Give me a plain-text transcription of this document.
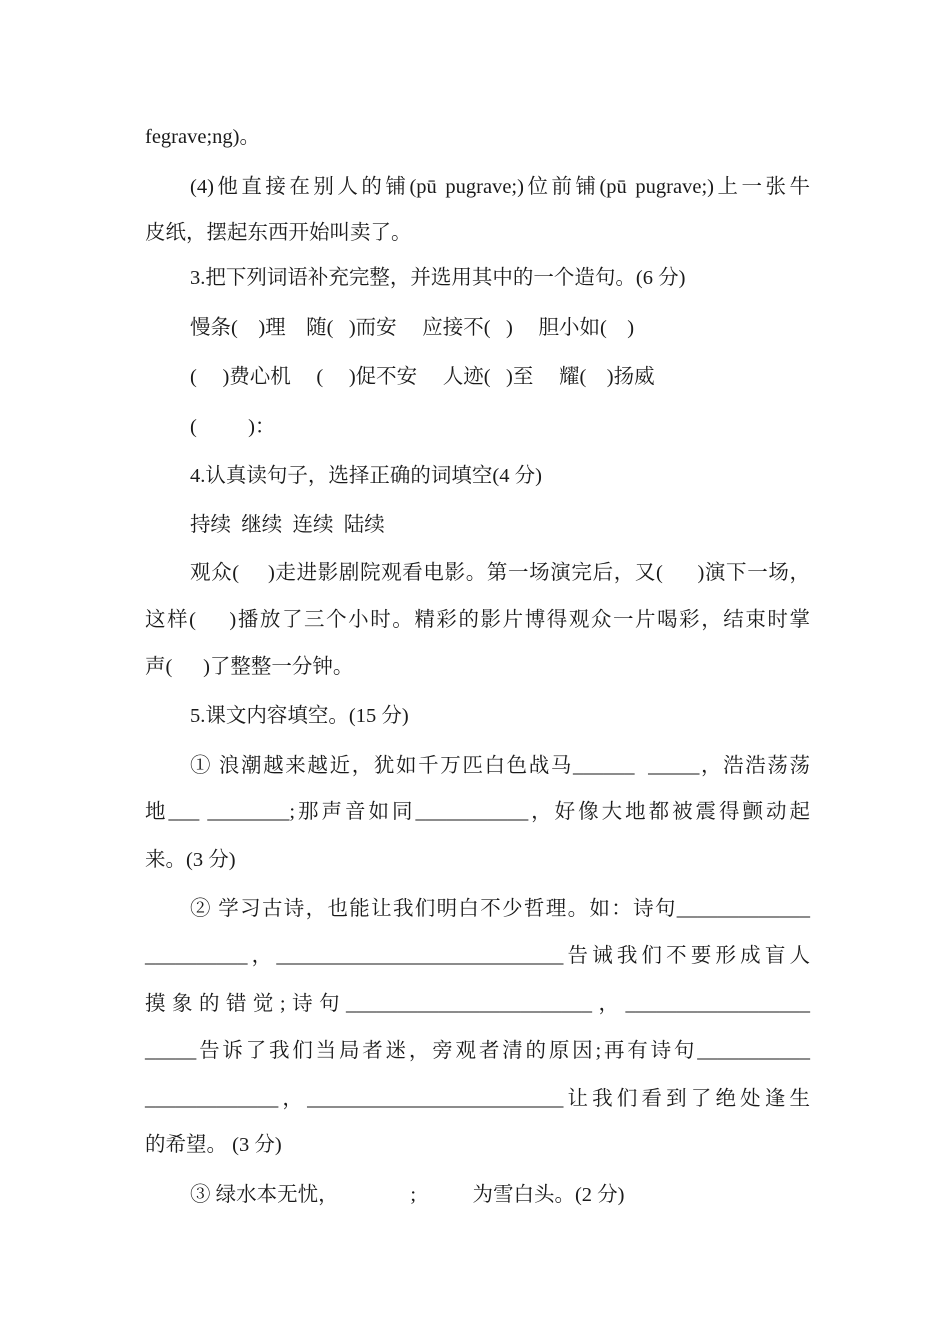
fegrave;ng)。
(4)他直接在别人的铺(pū pugrave;)位前铺(pū pugrave;)上一张牛
皮纸，摆起东西开始叫卖了。
3.把下列词语补充完整，并选用其中的一个造句。(6 分)
慢条(    )理    随(   )而安     应接不(   )     胆小如(    )
(     )费心机     (     )促不安     人迹(   )至     耀(    )扬威
(          )：
4.认真读句子，选择正确的词填空(4 分)
持续  继续  连续  陆续
观众(     )走进影剧院观看电影。第一场演完后，又(      )演下一场，
这样(     )播放了三个小时。精彩的影片博得观众一片喝彩，结束时掌
声(      )了整整一分钟。
5.课文内容填空。(15 分)
① 浪潮越来越近，犹如千万匹白色战马______  _____，浩浩荡荡
地___ ________;那声音如同___________，好像大地都被震得颤动起
来。(3 分)
② 学习古诗，也能让我们明白不少哲理。如：诗句_____________
__________，____________________________告诫我们不要形成盲人
摸象的错觉;诗句________________________，__________________
_____告诉了我们当局者迷，旁观者清的原因;再有诗句___________
_____________，_________________________让我们看到了绝处逢生
的希望。 (3 分)
③ 绿水本无忧，              ;           为雪白头。(2 分)
